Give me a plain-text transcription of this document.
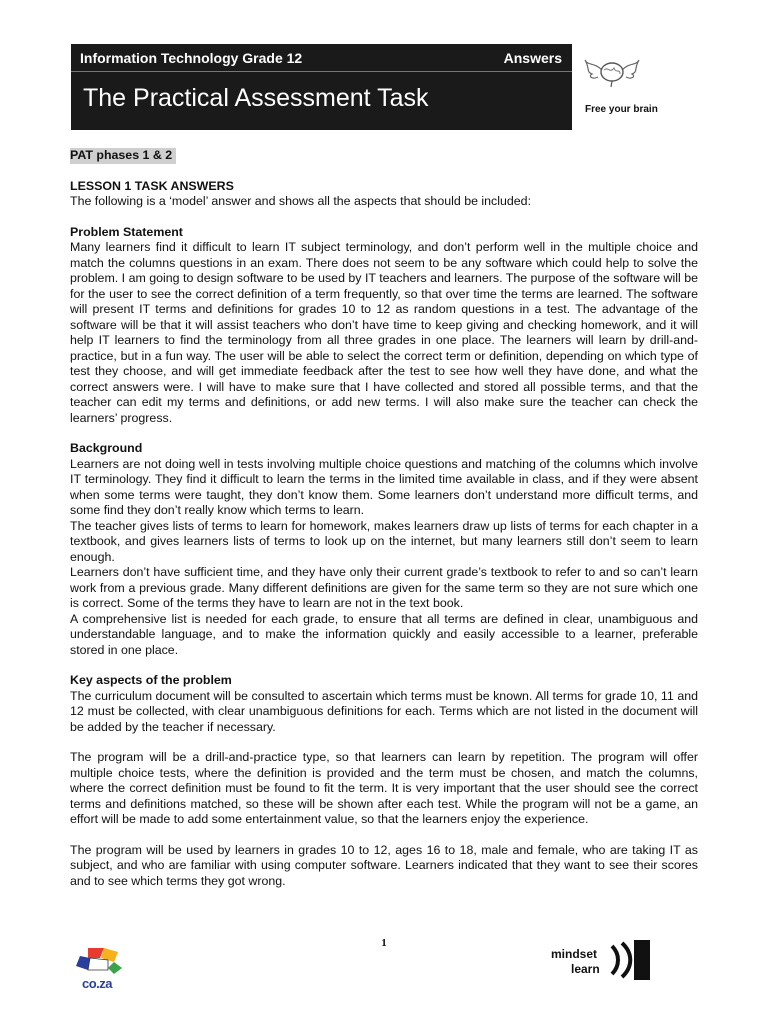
Information Technology Grade 12	Answers
The Practical Assessment Task	Free your brain
PAT phases 1 & 2

LESSON 1 TASK ANSWERS

The following is a ‘model’ answer and shows all the aspects that should be included:

Problem Statement

Many learners find it difficult to learn IT subject terminology, and don’t perform well in the multiple choice and match the columns questions in an exam. There does not seem to be any software which could help to solve the problem. I am going to design software to be used by IT teachers and learners. The purpose of the software will be for the user to see the correct definition of a term frequently, so that over time the terms are learned. The software will present IT terms and definitions for grades 10 to 12 as random questions in a test. The advantage of the software will be that it will assist teachers who don’t have time to keep giving and checking homework, and it will help IT learners to find the terminology from all three grades in one place. The learners will learn by drill-and-practice, but in a fun way. The user will be able to select the correct term or definition, depending on which type of test they choose, and will get immediate feedback after the test to see how well they have done, and what the correct answers were. I will have to make sure that I have collected and stored all possible terms, and that the teacher can edit my terms and definitions, or add new terms. I will also make sure the teacher can check the learners’ progress.

Background

Learners are not doing well in tests involving multiple choice questions and matching of the columns which involve IT terminology. They find it difficult to learn the terms in the limited time available in class, and if they were absent when some terms were taught, they don’t know them. Some learners don’t understand more difficult terms, and some find they don’t really know which terms to learn.

The teacher gives lists of terms to learn for homework, makes learners draw up lists of terms for each chapter in a textbook, and gives learners lists of terms to look up on the internet, but many learners still don’t seem to learn enough.

Learners don’t have sufficient time, and they have only their current grade’s textbook to refer to and so can’t learn work from a previous grade. Many different definitions are given for the same term so they are not sure which one is correct. Some of the terms they have to learn are not in the text book.

A comprehensive list is needed for each grade, to ensure that all terms are defined in clear, unambiguous and understandable language, and to make the information quickly and easily accessible to a learner, preferable stored in one place.

Key aspects of the problem

The curriculum document will be consulted to ascertain which terms must be known. All terms for grade 10, 11 and 12 must be collected, with clear unambiguous definitions for each. Terms which are not listed in the document will be added by the teacher if necessary.

The program will be a drill-and-practice type, so that learners can learn by repetition. The program will offer multiple choice tests, where the definition is provided and the term must be chosen, and match the columns, where the correct definition must be found to fit the term. It is very important that the user should see the correct terms and definitions matched, so these will be shown after each test. While the program will not be a game, an effort will be made to add some entertainment value, so that the learners enjoy the experience.

The program will be used by learners in grades 10 to 12, ages 16 to 18, male and female, who are taking IT as subject, and who are familiar with using computer software. Learners indicated that they want to see their scores and to see which terms they got wrong.

1
co.za
mindset
learn
